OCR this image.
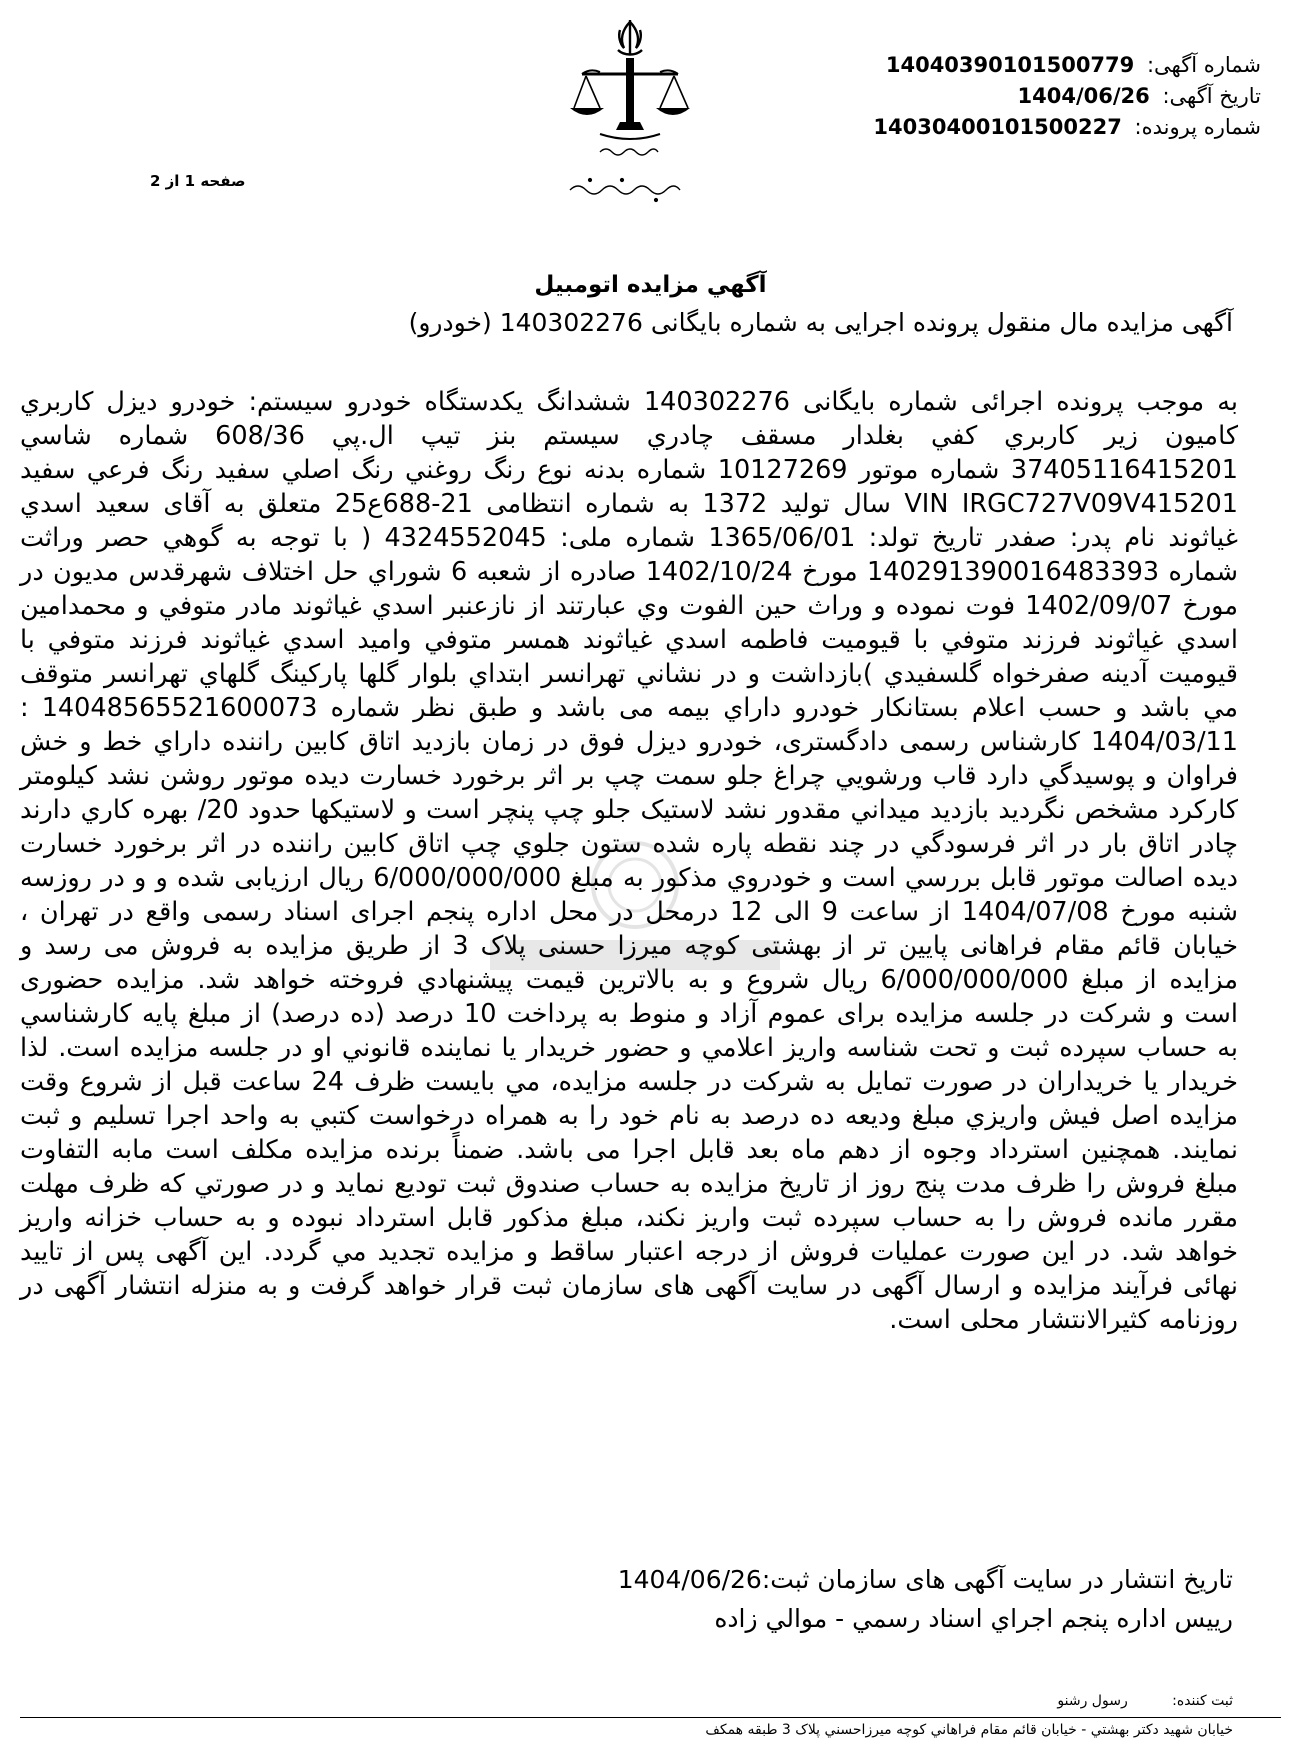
شماره آگهی: 14040390101500779
تاریخ آگهی: 1404/06/26
شماره پرونده: 14030400101500227
صفحه 1 از 2
آگهي مزايده اتومبيل
آگهی مزایده مال منقول پرونده اجرایی به شماره بایگانی 140302276 (خودرو)

به موجب پرونده اجرائی شماره بایگانی 140302276 ششدانگ یکدستگاه خودرو سیستم: خودرو دیزل کاربري کاميون زير کاربري کفي بغلدار مسقف چادري سيستم بنز تيپ ال.پي 608/36 شماره شاسي 37405116415201 شماره موتور 10127269 شماره بدنه نوع رنگ روغني رنگ اصلي سفيد رنگ فرعي سفيد VIN IRGC727V09V415201 سال توليد 1372 به شماره انتظامی 21-688ع25 متعلق به آقای سعيد اسدي غياثوند نام پدر: صفدر تاریخ تولد: 1365/06/01 شماره ملی: 4324552045 ( با توجه به گوهي حصر وراثت شماره 140291390016483393 مورخ 1402/10/24 صادره از شعبه 6 شوراي حل اختلاف شهرقدس مديون در مورخ 1402/09/07 فوت نموده و وراث حين الفوت وي عبارتند از نازعنبر اسدي غياثوند مادر متوفي و محمدامين اسدي غياثوند فرزند متوفي با قيوميت فاطمه اسدي غياثوند همسر متوفي واميد اسدي غياثوند فرزند متوفي با قيوميت آدينه صفرخواه گلسفيدي )بازداشت و در نشاني تهرانسر ابتداي بلوار گلها پارکينگ گلهاي تهرانسر متوقف مي باشد و حسب اعلام بستانکار خودرو داراي بيمه می باشد و طبق نظر شماره 14048565521600073 : 1404/03/11 کارشناس رسمی دادگستری، خودرو ديزل فوق در زمان بازديد اتاق کابين راننده داراي خط و خش فراوان و پوسيدگي دارد قاب ورشويي چراغ جلو سمت چپ بر اثر برخورد خسارت ديده موتور روشن نشد کيلومتر کارکرد مشخص نگرديد بازديد ميداني مقدور نشد لاستيک جلو چپ پنچر است و لاستيکها حدود 20/ بهره کاري دارند چادر اتاق بار در اثر فرسودگي در چند نقطه پاره شده ستون جلوي چپ اتاق کابين راننده در اثر برخورد خسارت ديده اصالت موتور قابل بررسي است و خودروي مذکور به مبلغ 6/000/000/000 ريال ارزيابی شده و و در روزسه شنبه مورخ 1404/07/08 از ساعت 9 الی 12 درمحل در محل اداره پنجم اجرای اسناد رسمی واقع در تهران ، خیابان قائم مقام فراهانی پایین تر از بهشتی کوچه میرزا حسنی پلاک 3 از طریق مزایده به فروش می رسد و مزایده از مبلغ 6/000/000/000 ريال شروع و به بالاترين قيمت پيشنهادي فروخته خواهد شد. مزایده حضوری است و شرکت در جلسه مزایده برای عموم آزاد و منوط به پرداخت 10 درصد (ده درصد) از مبلغ پايه کارشناسي به حساب سپرده ثبت و تحت شناسه واريز اعلامي و حضور خريدار يا نماينده قانوني او در جلسه مزايده است. لذا خريدار يا خريداران در صورت تمايل به شرکت در جلسه مزايده، مي بايست ظرف 24 ساعت قبل از شروع وقت مزايده اصل فيش واريزي مبلغ وديعه ده درصد به نام خود را به همراه درخواست کتبي به واحد اجرا تسليم و ثبت نمايند. همچنين استرداد وجوه از دهم ماه بعد قابل اجرا می باشد. ضمناً برنده مزايده مکلف است مابه التفاوت مبلغ فروش را ظرف مدت پنج روز از تاريخ مزايده به حساب صندوق ثبت توديع نمايد و در صورتي که ظرف مهلت مقرر مانده فروش را به حساب سپرده ثبت واريز نکند، مبلغ مذکور قابل استرداد نبوده و به حساب خزانه واريز خواهد شد. در اين صورت عمليات فروش از درجه اعتبار ساقط و مزايده تجديد مي گردد. اين آگهی پس از تاييد نهائی فرآيند مزايده و ارسال آگهی در سايت آگهی های سازمان ثبت قرار خواهد گرفت و به منزله انتشار آگهی در روزنامه کثيرالانتشار محلی است.

تاريخ انتشار در سايت آگهی های سازمان ثبت:1404/06/26
رييس اداره پنجم اجراي اسناد رسمي - موالي زاده
ثبت کننده: رسول رشنو
خيابان شهيد دکتر بهشتي - خيابان قائم مقام فراهاني کوچه ميرزاحسني پلاک 3 طبقه همکف
